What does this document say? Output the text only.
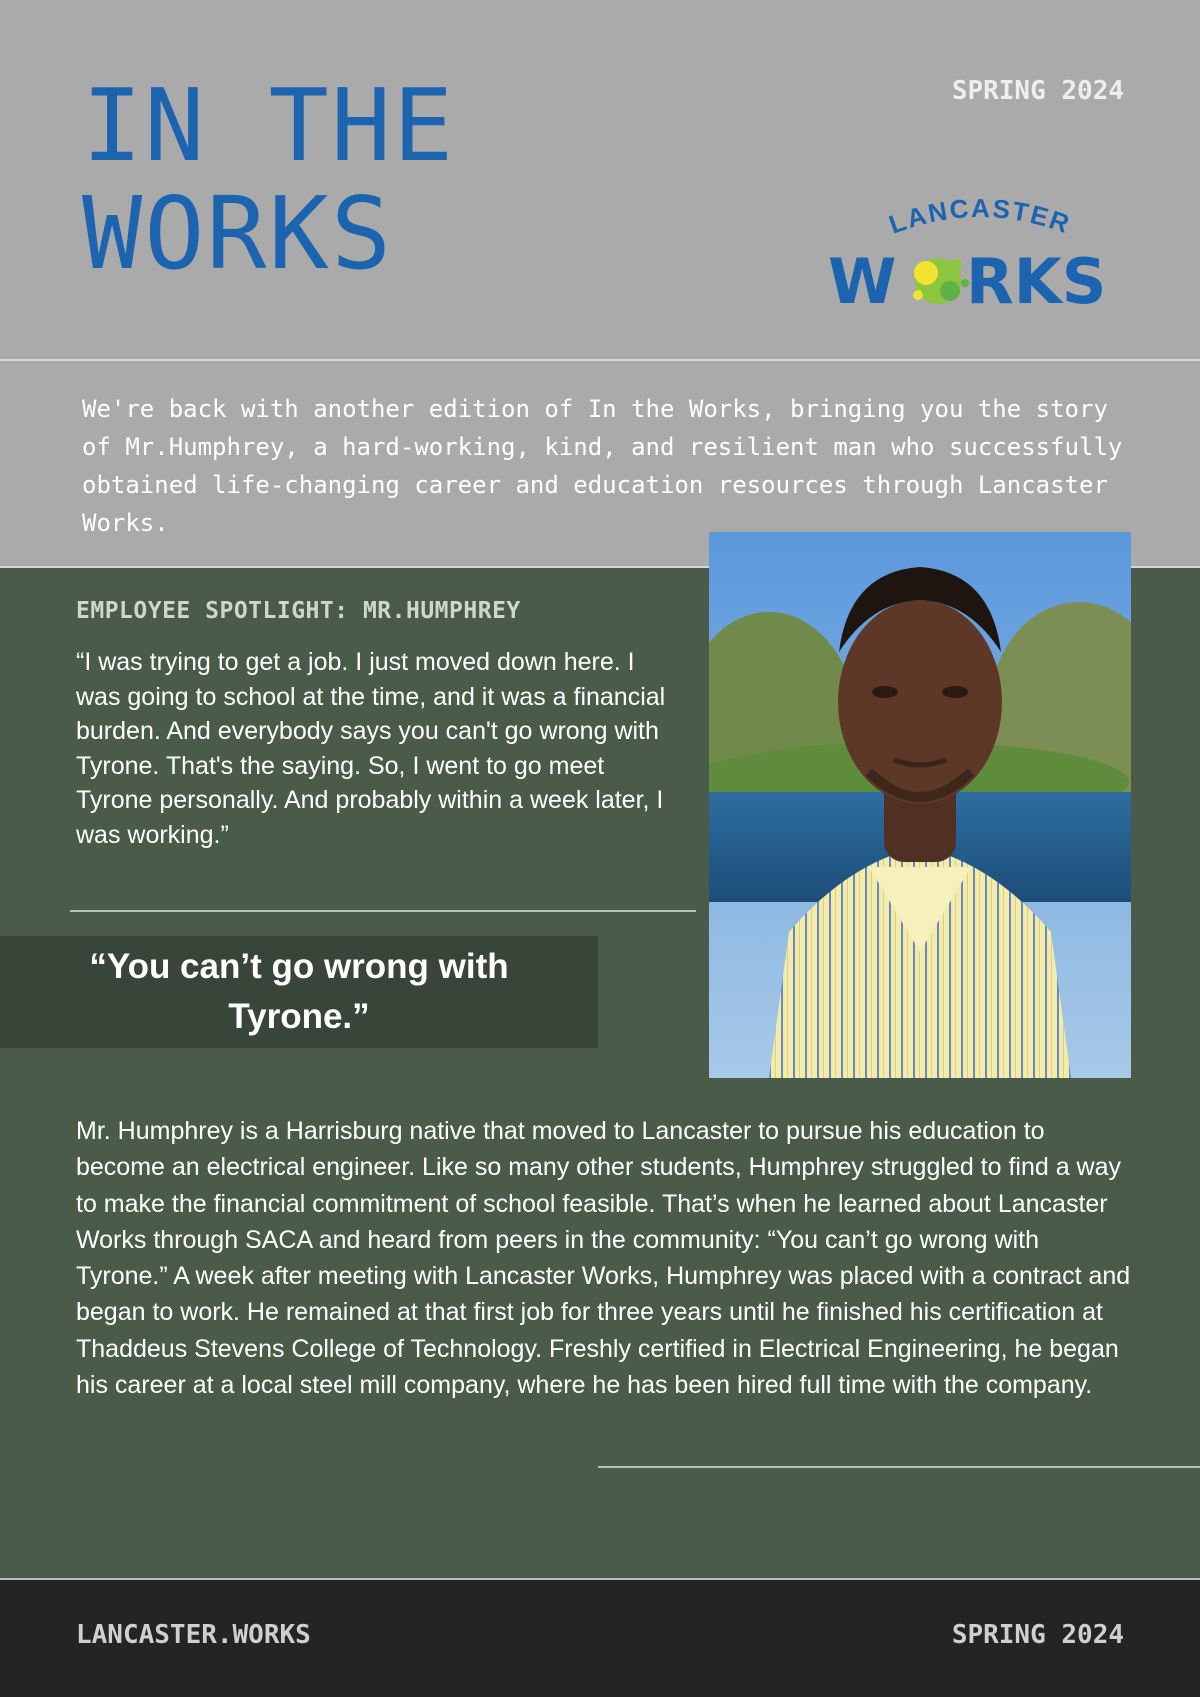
IN THE
WORKS
SPRING 2024
LANCASTER
W RKS
We're back with another edition of In the Works, bringing you the story of Mr.Humphrey, a hard-working, kind, and resilient man who successfully obtained life-changing career and education resources through Lancaster Works.
EMPLOYEE SPOTLIGHT: MR.HUMPHREY
“I was trying to get a job. I just moved down here. I was going to school at the time, and it was a financial burden. And everybody says you can't go wrong with Tyrone. That's the saying. So, I went to go meet Tyrone personally. And probably within a week later, I was working.”
“You can’t go wrong with Tyrone.”
Mr. Humphrey is a Harrisburg native that moved to Lancaster to pursue his education to become an electrical engineer. Like so many other students, Humphrey struggled to find a way to make the financial commitment of school feasible. That’s when he learned about Lancaster Works through SACA and heard from peers in the community: “You can’t go wrong with Tyrone.” A week after meeting with Lancaster Works, Humphrey was placed with a contract and began to work. He remained at that first job for three years until he finished his certification at Thaddeus Stevens College of Technology. Freshly certified in Electrical Engineering, he began his career at a local steel mill company, where he has been hired full time with the company.
LANCASTER.WORKS	SPRING 2024
